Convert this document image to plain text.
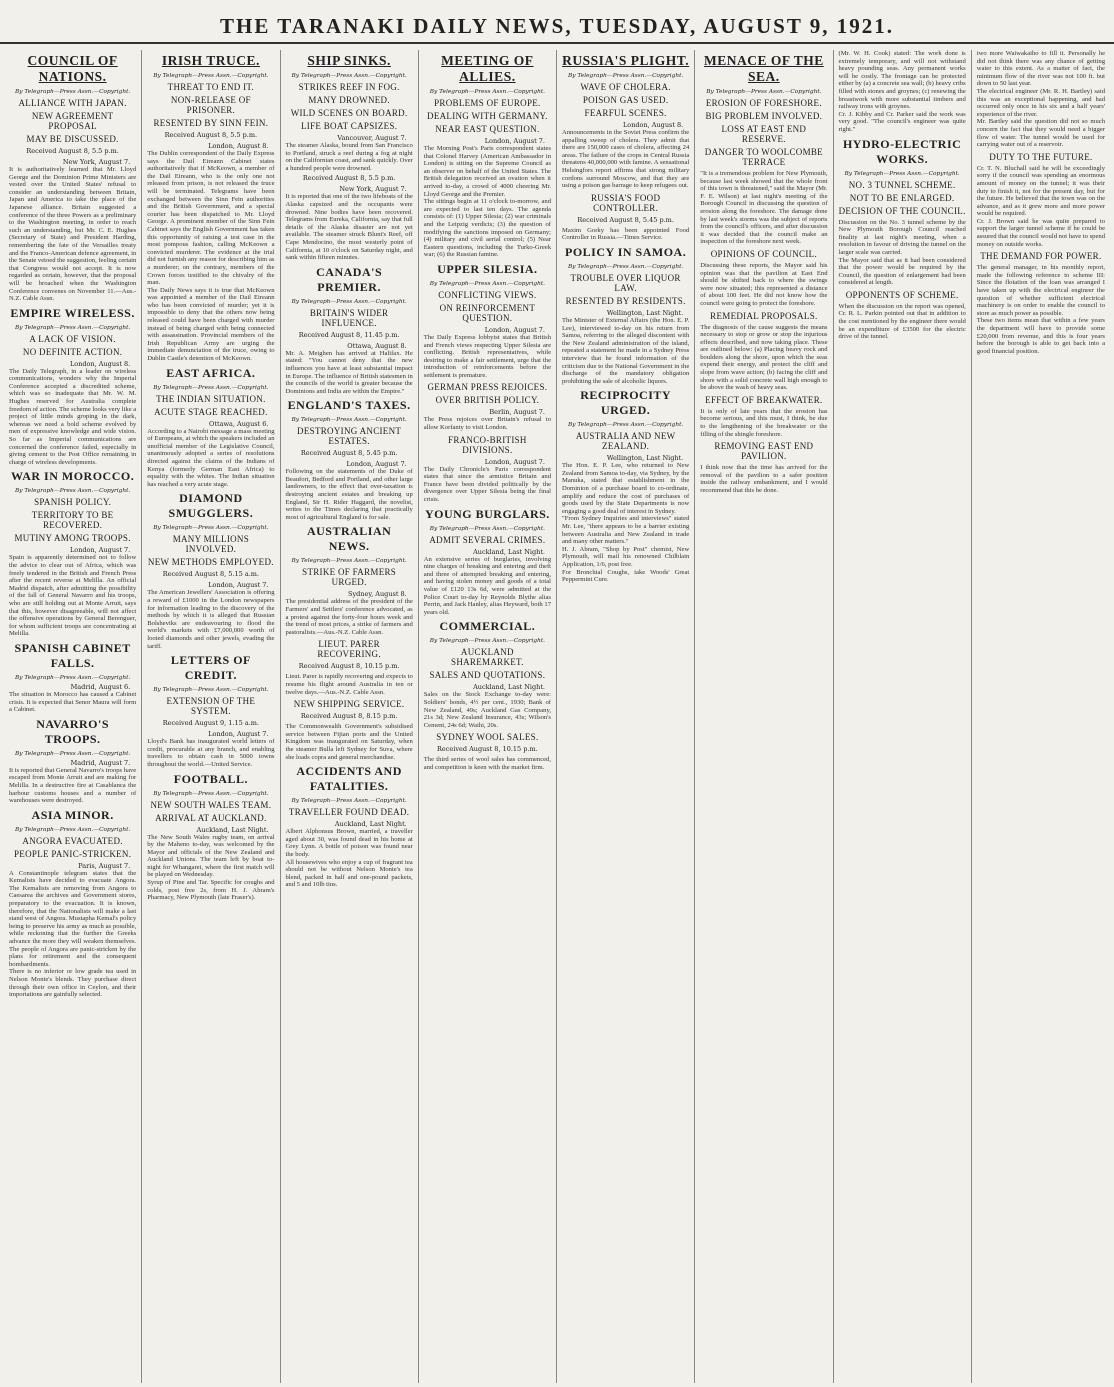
THE TARANAKI DAILY NEWS, TUESDAY, AUGUST 9, 1921.
COUNCIL OF NATIONS.
By Telegraph—Press Assn.—Copyright.
ALLIANCE WITH JAPAN.
NEW AGREEMENT PROPOSAL
MAY BE DISCUSSED.
Received August 8, 5.5 p.m.
New York, August 7.
It is authoritatively learned that Mr. Lloyd George and the Dominion Prime Ministers are vested over the United States' refusal to consider an understanding between Britain, Japan and America to take the place of the Japanese alliance. Britain suggested a conference of the three Powers as a preliminary to the Washington meeting, in order to reach such an understanding, but Mr. C. E. Hughes (Secretary of State) and President Harding, remembering the fate of the Versailles treaty and the Franco-American defence agreement, in the Senate vetoed the suggestion, feeling certain that Congress would not accept. It is now regarded as certain, however, that the proposal will be broached when the Washington Conference convenes on November 11.—Aus.-N.Z. Cable Assn.
EMPIRE WIRELESS.
By Telegraph—Press Assn.—Copyright.
A LACK OF VISION.
NO DEFINITE ACTION.
London, August 8.
The Daily Telegraph, in a leader on wireless communications, wonders why the Imperial Conference accepted a discredited scheme, which was so inadequate that Mr. W. M. Hughes reserved for Australia complete freedom of action. The scheme looks very like a project of little minds groping in the dark, whereas we need a bold scheme evolved by men of expressive knowledge and wide vision. So far as Imperial communications are concerned the conference failed, especially in giving cement to the Post Office remaining in charge of wireless developments.
WAR IN MOROCCO.
By Telegraph—Press Assn.—Copyright.
SPANISH POLICY.
TERRITORY TO BE RECOVERED.
MUTINY AMONG TROOPS.
London, August 7.
Spain is apparently determined not to follow the advice to clear out of Africa, which was freely tendered in the British and French Press after the recent reverse at Melilla. An official Madrid dispatch, after admitting the possibility of the fall of General Navarro and his troops, who are still holding out at Monte Arruit, says that this, however disagreeable, will not affect the offensive operations by General Berenguer, for whom sufficient troops are concentrating at Melilla.
SPANISH CABINET FALLS.
By Telegraph—Press Assn.—Copyright.
Madrid, August 6.
The situation in Morocco has caused a Cabinet crisis. It is expected that Senor Maura will form a Cabinet.
NAVARRO'S TROOPS.
By Telegraph—Press Assn.—Copyright.
Madrid, August 7.
It is reported that General Navarro's troops have escaped from Monte Arruit and are making for Melilla. In a destructive fire at Casablanca the harbour customs houses and a number of warehouses were destroyed.
ASIA MINOR.
By Telegraph—Press Assn.—Copyright.
ANGORA EVACUATED.
PEOPLE PANIC-STRICKEN.
Paris, August 7.
A Constantinople telegram states that the Kemalists have decided to evacuate Angora. The Kemalists are removing from Angora to Caesarea the archives and Government stores, preparatory to the evacuation. It is known, therefore, that the Nationalists will make a last stand west of Angora. Mustapha Kemal's policy being to preserve his army as much as possible, while reckoning that the further the Greeks advance the more they will weaken themselves. The people of Angora are panic-stricken by the plans for retirement and the consequent bombardments.
There is no inferior or low grade tea used in Nelson Monte's blends. They purchase direct through their own office in Ceylon, and their importations are gainfully selected.
IRISH TRUCE.
By Telegraph—Press Assn.—Copyright.
THREAT TO END IT.
NON-RELEASE OF PRISONER.
RESENTED BY SINN FEIN.
Received August 8, 5.5 p.m.
London, August 8.
The Dublin correspondent of the Daily Express says the Dail Eireann Cabinet states authoritatively that if McKeown, a member of the Dail Eireann, who is the only one not released from prison, is not released the truce will be terminated. Telegrams have been exchanged between the Sinn Fein authorities and the British Government, and a special courier has been dispatched to Mr. Lloyd George. A prominent member of the Sinn Fein Cabinet says the English Government has taken this opportunity of raising a test case in the most pompous fashion, calling McKeown a convicted murderer. The evidence at the trial did not furnish any reason for describing him as a murderer; on the contrary, members of the Crown forces testified to the chivalry of the man.
The Daily News says it is true that McKeown was appointed a member of the Dail Eireann who has been convicted of murder; yet it is impossible to deny that the others now being released could have been charged with murder instead of being charged with being connected with assassination. Provincial members of the Irish Republican Army are urging the immediate denunciation of the truce, owing to Dublin Castle's detention of McKeown.
EAST AFRICA.
By Telegraph—Press Assn.—Copyright.
THE INDIAN SITUATION.
ACUTE STAGE REACHED.
Ottawa, August 6.
According to a Nairobi message a mass meeting of Europeans, at which the speakers included an unofficial member of the Legislative Council, unanimously adopted a series of resolutions directed against the claims of the Indians of Kenya (formerly German East Africa) to equality with the whites. The Indian situation has reached a very acute stage.
DIAMOND SMUGGLERS.
By Telegraph—Press Assn.—Copyright.
MANY MILLIONS INVOLVED.
NEW METHODS EMPLOYED.
Received August 8, 5.15 a.m.
London, August 7.
The American Jewellers' Association is offering a reward of £1000 in the London newspapers for information leading to the discovery of the methods by which it is alleged that Russian Bolsheviks are endeavouring to flood the world's markets with £7,000,000 worth of looted diamonds and other jewels, evading the tariff.
LETTERS OF CREDIT.
By Telegraph—Press Assn.—Copyright.
EXTENSION OF THE SYSTEM.
Received August 9, 1.15 a.m.
London, August 7.
Lloyd's Bank has inaugurated world letters of credit, procurable at any branch, and enabling travellers to obtain cash in 5000 towns throughout the world.—United Service.
FOOTBALL.
By Telegraph—Press Assn.—Copyright.
NEW SOUTH WALES TEAM.
ARRIVAL AT AUCKLAND.
Auckland, Last Night.
The New South Wales rugby team, on arrival by the Maheno to-day, was welcomed by the Mayor and officials of the New Zealand and Auckland Unions. The team left by boat to-night for Whangarei, where the first match will be played on Wednesday.
Syrup of Pine and Tar. Specific for coughs and colds, post free 2s, from H. J. Abram's Pharmacy, New Plymouth (late Fraser's).
SHIP SINKS.
By Telegraph—Press Assn.—Copyright.
STRIKES REEF IN FOG.
MANY DROWNED.
WILD SCENES ON BOARD.
LIFE BOAT CAPSIZES.
Vancouver, August 7.
The steamer Alaska, bound from San Francisco to Portland, struck a reef during a fog at night on the Californian coast, and sank quickly. Over a hundred people were drowned.
Received August 8, 5.5 p.m.
New York, August 7.
It is reported that one of the two lifeboats of the Alaska capsized and the occupants were drowned. Nine bodies have been recovered. Telegrams from Eureka, California, say that full details of the Alaska disaster are not yet available. The steamer struck Blunt's Reef, off Cape Mendocino, the most westerly point of California, at 10 o'clock on Saturday night, and sank within fifteen minutes.
CANADA'S PREMIER.
By Telegraph—Press Assn.—Copyright.
BRITAIN'S WIDER INFLUENCE.
Received August 8, 11.45 p.m.
Ottawa, August 8.
Mr. A. Meighen has arrived at Halifax. He stated: "You cannot deny that the new influences you have at least substantial impact in Europe. The influence of British statesmen in the councils of the world is greater because the Dominions and India are within the Empire."
ENGLAND'S TAXES.
By Telegraph—Press Assn.—Copyright.
DESTROYING ANCIENT ESTATES.
Received August 8, 5.45 p.m.
London, August 7.
Following on the statements of the Duke of Beaufort, Bedford and Portland, and other large landowners, to the effect that over-taxation is destroying ancient estates and breaking up England, Sir H. Rider Haggard, the novelist, writes to the Times declaring that practically most of agricultural England is for sale.
AUSTRALIAN NEWS.
By Telegraph—Press Assn.—Copyright.
STRIKE OF FARMERS URGED.
Sydney, August 8.
The presidential address of the president of the Farmers' and Settlers' conference advocated, as a protest against the forty-four hours week and the trend of most prices, a strike of farmers and pastoralists.—Aus.-N.Z. Cable Assn.
LIEUT. PARER RECOVERING.
Received August 8, 10.15 p.m.
Lieut. Parer is rapidly recovering and expects to resume his flight around Australia in ten or twelve days.—Aus.-N.Z. Cable Assn.
NEW SHIPPING SERVICE.
Received August 8, 8.15 p.m.
The Commonwealth Government's subsidised service between Fijian ports and the United Kingdom was inaugurated on Saturday, when the steamer Bulla left Sydney for Suva, where she loads copra and general merchandise.
ACCIDENTS AND FATALITIES.
By Telegraph—Press Assn.—Copyright.
TRAVELLER FOUND DEAD.
Auckland, Last Night.
Albert Alphonsus Brown, married, a traveller aged about 30, was found dead in his home at Grey Lynn. A bottle of poison was found near the body.
All housewives who enjoy a cup of fragrant tea should not be without Nelson Monte's tea blend, packed in half and one-pound packets, and 5 and 10lb tins.
MEETING OF ALLIES.
By Telegraph—Press Assn.—Copyright.
PROBLEMS OF EUROPE.
DEALING WITH GERMANY.
NEAR EAST QUESTION.
London, August 7.
The Morning Post's Paris correspondent states that Colonel Harvey (American Ambassador in London) is sitting on the Supreme Council as an observer on behalf of the United States. The British delegation received an ovation when it arrived to-day, a crowd of 4000 cheering Mr. Lloyd George and the Premier.
The sittings begin at 11 o'clock to-morrow, and are expected to last ten days. The agenda consists of: (1) Upper Silesia; (2) war criminals and the Leipzig verdicts; (3) the question of modifying the sanctions imposed on Germany; (4) military and civil aerial control; (5) Near Eastern questions, including the Turko-Greek war; (6) the Russian famine.
UPPER SILESIA.
By Telegraph—Press Assn.—Copyright.
CONFLICTING VIEWS.
ON REINFORCEMENT QUESTION.
London, August 7.
The Daily Express lobbyist states that British and French views respecting Upper Silesia are conflicting. British representatives, while desiring to make a fair settlement, urge that the introduction of reinforcements before the settlement is premature.
GERMAN PRESS REJOICES.
OVER BRITISH POLICY.
Berlin, August 7.
The Press rejoices over Britain's refusal to allow Korfanty to visit London.
FRANCO-BRITISH DIVISIONS.
London, August 7.
The Daily Chronicle's Paris correspondent states that since the armistice Britain and France have been divided politically by the divergence over Upper Silesia being the final crisis.
YOUNG BURGLARS.
By Telegraph—Press Assn.—Copyright.
ADMIT SEVERAL CRIMES.
Auckland, Last Night.
An extensive series of burglaries, involving nine charges of breaking and entering and theft and three of attempted breaking and entering, and having stolen money and goods of a total value of £120 13s 6d, were admitted at the Police Court to-day by Reynolds Blythe alias Perrin, and Jack Hanley, alias Heyward, both 17 years old.
COMMERCIAL.
By Telegraph—Press Assn.—Copyright.
AUCKLAND SHAREMARKET.
SALES AND QUOTATIONS.
Auckland, Last Night.
Sales on the Stock Exchange to-day were: Soldiers' bonds, 4½ per cent., 1930; Bank of New Zealand, 49s; Auckland Gas Company, 21s 3d; New Zealand Insurance, 43s; Wilson's Cement, 24s 6d; Waihi, 20s.
SYDNEY WOOL SALES.
Received August 8, 10.15 p.m.
The third series of wool sales has commenced, and competition is keen with the market firm.
RUSSIA'S PLIGHT.
By Telegraph—Press Assn.—Copyright.
WAVE OF CHOLERA.
POISON GAS USED.
FEARFUL SCENES.
London, August 8.
Announcements in the Soviet Press confirm the appalling sweep of cholera. They admit that there are 150,000 cases of cholera, affecting 24 areas. The failure of the crops in Central Russia threatens 40,000,000 with famine. A sensational Helsingfors report affirms that strong military cordons surround Moscow, and that they are using a poison gas barrage to keep refugees out.
RUSSIA'S FOOD CONTROLLER.
Received August 8, 5.45 p.m.
Maxim Gorky has been appointed Food Controller in Russia.—Times Service.
POLICY IN SAMOA.
By Telegraph—Press Assn.—Copyright.
TROUBLE OVER LIQUOR LAW.
RESENTED BY RESIDENTS.
Wellington, Last Night.
The Minister of External Affairs (the Hon. E. P. Lee), interviewed to-day on his return from Samoa, referring to the alleged discontent with the New Zealand administration of the island, repeated a statement he made in a Sydney Press interview that he found information of the criticism due to the National Government in the discharge of the mandatory obligation prohibiting the sale of alcoholic liquors.
RECIPROCITY URGED.
By Telegraph—Press Assn.—Copyright.
AUSTRALIA AND NEW ZEALAND.
Wellington, Last Night.
The Hon. E. P. Lee, who returned to New Zealand from Samoa to-day, via Sydney, by the Manuka, stated that establishment in the Dominion of a purchase board to co-ordinate, amplify and reduce the cost of purchases of goods used by the State Departments is now engaging a good deal of interest in Sydney.
"From Sydney Inquiries and interviews" stated Mr. Lee, "there appears to be a barrier existing between Australia and New Zealand in trade and many other matters."
H. J. Abram, "Shop by Post" chemist, New Plymouth, will mail his renowned Chilblain Application, 1/6, post free.
For Bronchial Coughs, take Woods' Great Peppermint Cure.
MENACE OF THE SEA.
By Telegraph—Press Assn.—Copyright.
EROSION OF FORESHORE.
BIG PROBLEM INVOLVED.
LOSS AT EAST END RESERVE.
DANGER TO WOOLCOMBE TERRACE
"It is a tremendous problem for New Plymouth, because last week showed that the whole front of this town is threatened," said the Mayor (Mr. F. E. Wilson) at last night's meeting of the Borough Council in discussing the question of erosion along the foreshore. The damage done by last week's storms was the subject of reports from the council's officers, and after discussion it was decided that the council make an inspection of the foreshore next week.
OPINIONS OF COUNCIL.
Discussing these reports, the Mayor said his opinion was that the pavilion at East End should be shifted back to where the swings were now situated; this represented a distance of about 100 feet. He did not know how the council were going to protect the foreshore.
REMEDIAL PROPOSALS.
The diagnosis of the cause suggests the means necessary to stop or grow or stop the injurious effects described, and now taking place. These are outlined below: (a) Placing heavy rock and boulders along the shore, upon which the seas expend their energy, and protect the cliff and slope from wave action; (b) facing the cliff and shore with a solid concrete wall high enough to be above the wash of heavy seas.
EFFECT OF BREAKWATER.
It is only of late years that the erosion has become serious, and this must, I think, be due to the lengthening of the breakwater or the filling of the shingle foreshore.
REMOVING EAST END PAVILION.
I think now that the time has arrived for the removal of the pavilion to a safer position inside the railway embankment, and I would recommend that this be done.
(Mr. W. H. Cook) stated: The work done is extremely temporary, and will not withstand heavy pounding seas. Any permanent works will be costly. The frontage can be protected either by (a) a concrete sea wall; (b) heavy cribs filled with stones and groynes; (c) renewing the breastwork with more substantial timbers and railway irons with groynes.
Cr. J. Kibby and Cr. Parker said the work was very good. "The council's engineer was quite right."
HYDRO-ELECTRIC WORKS.
By Telegraph—Press Assn.—Copyright.
NO. 3 TUNNEL SCHEME.
NOT TO BE ENLARGED.
DECISION OF THE COUNCIL.
Discussion on the No. 3 tunnel scheme by the New Plymouth Borough Council reached finality at last night's meeting, when a resolution in favour of driving the tunnel on the larger scale was carried.
The Mayor said that as it had been considered that the power would be required by the Council, the question of enlargement had been considered at length.
OPPONENTS OF SCHEME.
When the discussion on the report was opened, Cr. R. L. Parkin pointed out that in addition to the cost mentioned by the engineer there would be an expenditure of £3500 for the electric drive of the tunnel.
two more Waiwakaiho to fill it. Personally he did not think there was any chance of getting water to this extent. As a matter of fact, the minimum flow of the river was not 100 ft. but down to 50 last year.
The electrical engineer (Mr. R. H. Bartley) said this was an exceptional happening, and had occurred only once in his six and a half years' experience of the river.
Mr. Bartley said the question did not so much concern the fact that they would need a bigger flow of water. The tunnel would be used for carrying water out of a reservoir.
DUTY TO THE FUTURE.
Cr. T. N. Bluchall said he will be exceedingly sorry if the council was spending an enormous amount of money on the tunnel; it was their duty to finish it, not for the present day, but for the future. He believed that the town was on the advance, and as it grew more and more power would be required.
Cr. J. Brown said he was quite prepared to support the larger tunnel scheme if he could be assured that the council would not have to spend money on outside works.
THE DEMAND FOR POWER.
The general manager, in his monthly report, made the following reference to scheme III: Since the flotation of the loan was arranged I have taken up with the electrical engineer the question of whether sufficient electrical machinery is on order to enable the council to store as much power as possible.
These two items mean that within a few years the department will have to provide some £20,000 from revenue, and this is four years before the borough is able to get back into a good financial position.
